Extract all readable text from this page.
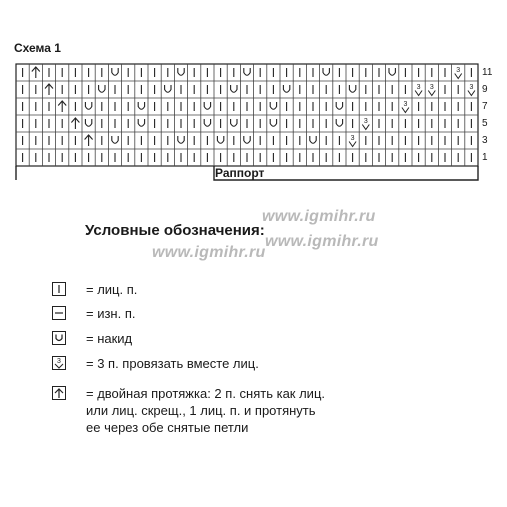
Схема 1
3
3 3	3
3
3
3
11
9
7
5
3
1
Раппорт
www.igmihr.ru
www.igmihr.ru
www.igmihr.ru
Условные обозначения:
= лиц. п.
= изн. п.
= накид
3 = 3 п. провязать вместе лиц.
= двойная протяжка: 2 п. снять как лиц.
или лиц. скрещ., 1 лиц. п. и протянуть
ее через обе снятые петли
